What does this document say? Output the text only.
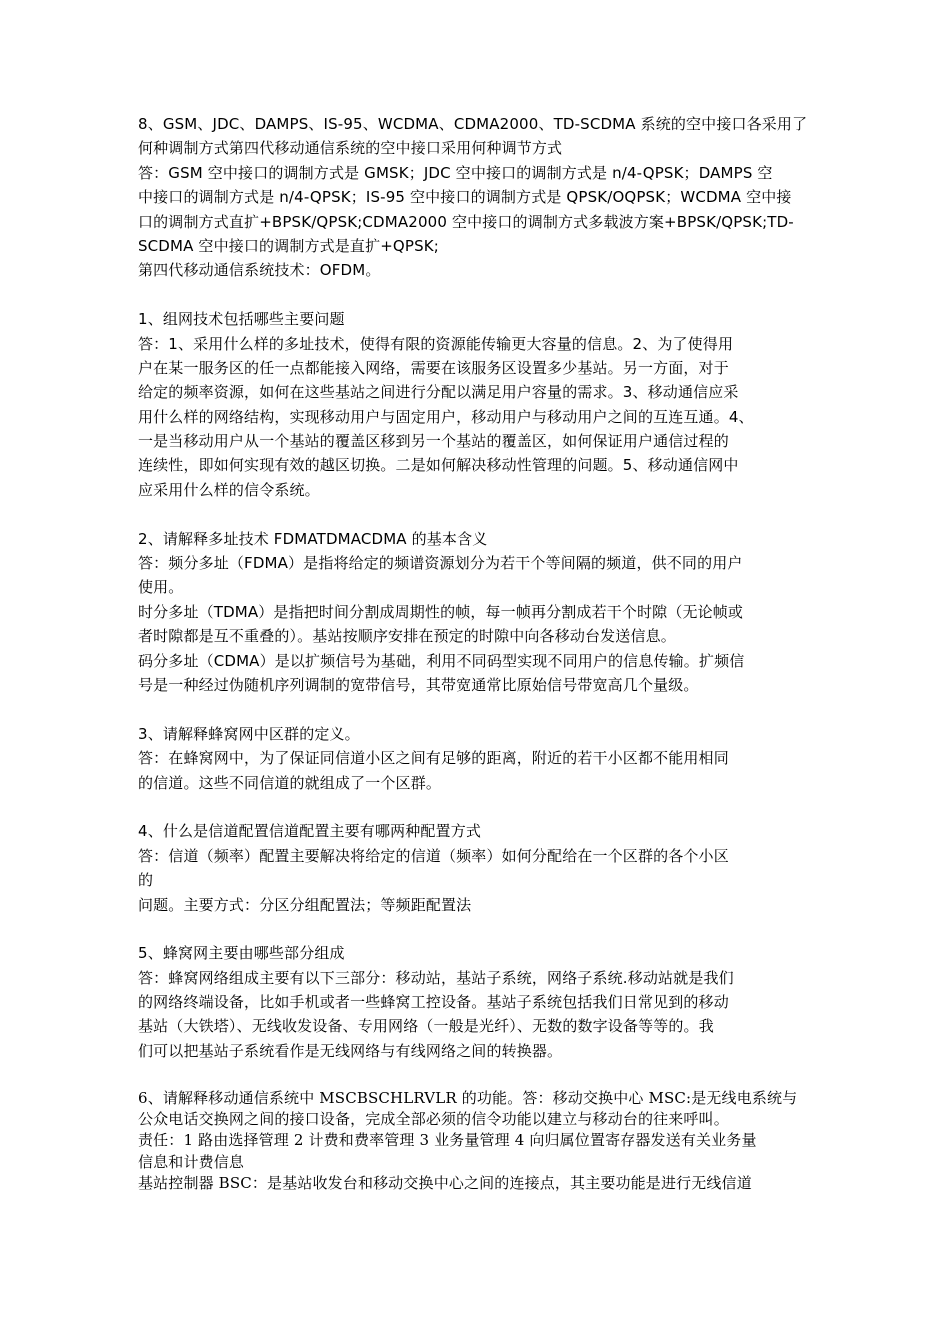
8、GSM、JDC、DAMPS、IS-95、WCDMA、CDMA2000、TD-SCDMA 系统的空中接口各采用了
何种调制方式第四代移动通信系统的空中接口采用何种调节方式
答：GSM 空中接口的调制方式是 GMSK；JDC 空中接口的调制方式是 n/4-QPSK；DAMPS 空
中接口的调制方式是 n/4-QPSK；IS-95 空中接口的调制方式是 QPSK/OQPSK；WCDMA 空中接
口的调制方式直扩+BPSK/QPSK;CDMA2000 空中接口的调制方式多载波方案+BPSK/QPSK;TD-
SCDMA 空中接口的调制方式是直扩+QPSK;
第四代移动通信系统技术：OFDM。
1、组网技术包括哪些主要问题
答：1、采用什么样的多址技术，使得有限的资源能传输更大容量的信息。2、为了使得用
户在某一服务区的任一点都能接入网络，需要在该服务区设置多少基站。另一方面，对于
给定的频率资源，如何在这些基站之间进行分配以满足用户容量的需求。3、移动通信应采
用什么样的网络结构，实现移动用户与固定用户，移动用户与移动用户之间的互连互通。4、
一是当移动用户从一个基站的覆盖区移到另一个基站的覆盖区，如何保证用户通信过程的
连续性，即如何实现有效的越区切换。二是如何解决移动性管理的问题。5、移动通信网中
应采用什么样的信令系统。
2、请解释多址技术 FDMATDMACDMA 的基本含义
答：频分多址（FDMA）是指将给定的频谱资源划分为若干个等间隔的频道，供不同的用户
使用。
时分多址（TDMA）是指把时间分割成周期性的帧，每一帧再分割成若干个时隙（无论帧或
者时隙都是互不重叠的）。基站按顺序安排在预定的时隙中向各移动台发送信息。
码分多址（CDMA）是以扩频信号为基础，利用不同码型实现不同用户的信息传输。扩频信
号是一种经过伪随机序列调制的宽带信号，其带宽通常比原始信号带宽高几个量级。
3、请解释蜂窝网中区群的定义。
答：在蜂窝网中，为了保证同信道小区之间有足够的距离，附近的若干小区都不能用相同
的信道。这些不同信道的就组成了一个区群。
4、什么是信道配置信道配置主要有哪两种配置方式
答：信道（频率）配置主要解决将给定的信道（频率）如何分配给在一个区群的各个小区
的
问题。主要方式：分区分组配置法；等频距配置法
5、蜂窝网主要由哪些部分组成
答：蜂窝网络组成主要有以下三部分：移动站，基站子系统，网络子系统.移动站就是我们
的网络终端设备，比如手机或者一些蜂窝工控设备。基站子系统包括我们日常见到的移动
基站（大铁塔）、无线收发设备、专用网络（一般是光纤）、无数的数字设备等等的。我
们可以把基站子系统看作是无线网络与有线网络之间的转换器。
6、请解释移动通信系统中 MSCBSCHLRVLR 的功能。答：移动交换中心 MSC:是无线电系统与
公众电话交换网之间的接口设备，完成全部必须的信令功能以建立与移动台的往来呼叫。
责任：1 路由选择管理 2 计费和费率管理 3 业务量管理 4 向归属位置寄存器发送有关业务量
信息和计费信息
基站控制器 BSC：是基站收发台和移动交换中心之间的连接点，其主要功能是进行无线信道
